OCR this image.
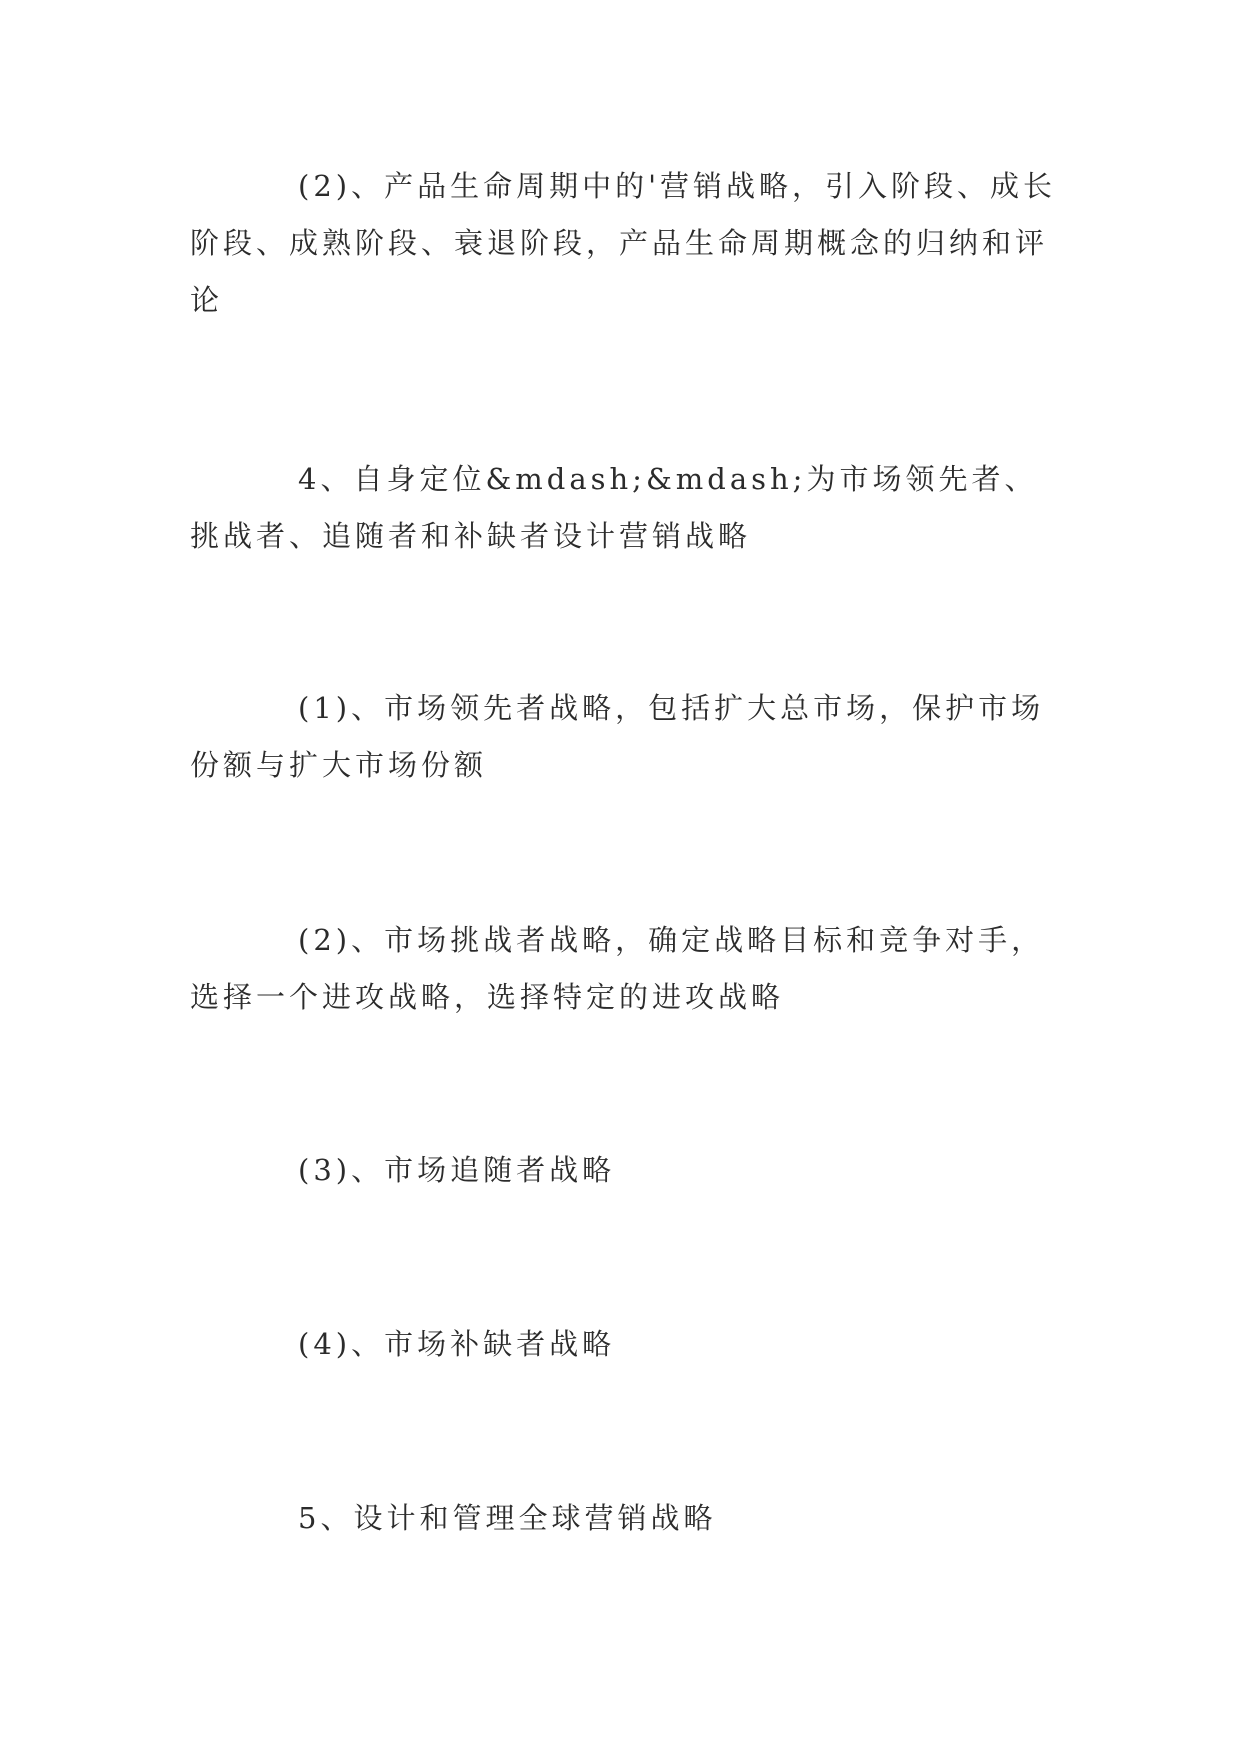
(2)、产品生命周期中的'营销战略，引入阶段、成长阶段、成熟阶段、衰退阶段，产品生命周期概念的归纳和评论

4、自身定位&mdash;&mdash;为市场领先者、挑战者、追随者和补缺者设计营销战略

(1)、市场领先者战略，包括扩大总市场，保护市场份额与扩大市场份额

(2)、市场挑战者战略，确定战略目标和竞争对手，选择一个进攻战略，选择特定的进攻战略

(3)、市场追随者战略

(4)、市场补缺者战略

5、设计和管理全球营销战略
